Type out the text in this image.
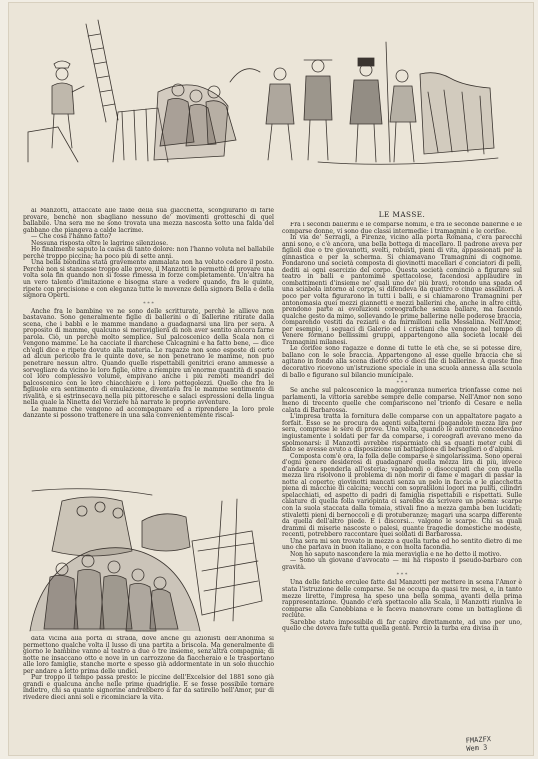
al Manzotti, attaccate alle falde della sua giacchetta, scongiurarlo di farle provare, benchè non sbagliano nessuno de' movimenti grotteschi di quel ballabile. Una sera me ne sono trovata una mezza nascosta sotto una falda del gabbano che piangeva a calde lacrime.

— Che cosa l'hanno fatto?

Nessuna risposta oltre le lagrime silenziose.

Ho finalmente saputo la causa di tanto dolore: non l'hanno voluta nel ballabile perchè troppo piccina; ha poco più di sette anni.

Una bella biondina stata gravemente ammalata non ha voluto cedere il posto. Perchè non si stancasse troppo alle prove, il Manzotti le permettè di provare una volta sola fin quando non si fosse rimessa in forze completamente. Un'altra ha un vero talento d'imitazione e bisogna stare a vedere quando, fra le quinte, ripete con precisione e con eleganza tutte le movenze della signora Bella e della signora Operti.

* * *

Anche fra le bambine ve ne sono delle scritturate, perchè le allieve non bastavano. Sono generalmente figlie di ballerini o di ballerine ritirate dalla scena, che i babbi e le mamme mandano a guadagnarsi una lira per sera. A proposito di mamme, qualcuno si meraviglierà di non aver sentito ancora farne parola. Ciò, un perchè molto semplice. Sul palcoscenico della Scala non ci vengono mamme. Le ha cacciate il marchese Calcagnini e ha fatto bene, — dice ch'egli dice e ripete dovuto alla materia. Le ragazze non sono esposte di certo ad alcun pericolo fra le quinte dove, se non penetrano le mamme, non può penetrare nessun altro. Quando quelle rispettabili genitrici erano ammesse a sorvegliare da vicino le loro figlie, oltre a riempire un'enorme quantità di spazio col loro complessivo volume, empivano anche i più remoti meandri del palcoscenico con le loro chiacchiere e i loro pettegolezzi. Quello che fra le figliuole era sentimento di emulazione, diventava fra le mamme sentimento di rivalità, e si estrinsecava nella più pittoresche e salaci espressioni della lingua nella quale la Ninetta del Verziere ha narrate le proprie avventure.

Le mamme che vengono ad accompagnare ed a riprendere la loro prole danzante si possono trattenere in una sala convenientemente riscal-

data vicina alla porta di strada, dove anche gli azionisti dell'Anonima si permettono qualche volta il lusso di una partita a briscola. Ma generalmente di giorno le bambine vanno al teatro a due o tre insieme, senz'altra compagnia; di notte ne insaccano otto e nove in un carrozzone da fiaccheraio e le trasportano alle loro famiglie, stanche morte e spesso già addormentate in un solo mucchio per andare a letto prima delle undici.

Pur troppo il tempo passa presto: le piccine dell'Excelsior del 1881 sono già grandi e qualcuna anche nelle prime quadriglie. E se fosse possibile tornare indietro, chi sa quante signorine andrebbero a far da satirello nell'Amor, pur di rivedere dieci anni soli e ricominciare la vita.

LE MASSE.

Fra i secondi ballerini e le comparse nomini, e fra le seconde ballerine e le comparse donne, vi sono due classi intermedie: i tramagnini e le corifee.

In via de' Serragli, a Firenze, vicino alla porta Romana, c'era parecchi anni sono, e c'è ancora, una bella bottega di macellaro. Il padrone aveva per figlioli due o tre giovanotti, svelti, robusti, pieni di vita, appassionati per la ginnastica e per la scherma. Si chiamavano Tramagnini di cognome. Fondarono una società composta di giovinotti macellari e conciatori di pelli, dediti ai ogni esercizio del corpo. Questa società cominciò a figurare sul teatro in balli e pantomime spettacolose, facendosi applaudire in combattimenti d'insieme ne' quali uno de' più bravi, rotondo una spada od una sciabola intorno al corpo, si difendeva da quattro o cinque assalitori. A poco per volta figurarono in tutti i balli, e si chiamarono Tramagnini per antonomasia quei mezzi giannetti e mezzi ballerini che, anche in altre città, prendono parte ai evoluzioni coreografiche senza ballare, ma facendo qualche gesto da mimo, sollevando le prime ballerine nelle poderose braccia, comparendo vestiti da reziarii e da mirmilloni nella Messalina. Nell'Amor, per esempio, i seguaci di Galerio ed i cristiani che vengono nel tempo di Venere formano bellissimi gruppi, appartengono alla società locale dei Tramagnini milanesi.

Le corifee sono ragazze e donne di tutte le età che, se si potesse dire, ballano con le sole braccia. Appartengono al esse quelle braccia che si agitano in fondo alla scena dietro otto o dieci file di ballerine. A queste fine decorativo ricevono un'istruzione speciale in una scuola annessa alla scuola di ballo e figurano sul bilancio municipale.

* * *

Se anche sul palcoscenico la maggioranza numerica trionfasse come nei parlamenti, la vittoria sarebbe sempre delle comparse. Nell'Amor non sono meno di trecento quelle che compariscono nel trionfo di Cesare e nella calata di Barbarossa.

L'impresa tratta la fornitura delle comparse con un appaltatore pagato a forfait. Esso se ne procura da agenti subalterni (pagandole mezza lira per sera, comprese le sere di prove. Una volta, quando le autorità concedevano ingiustamente i soldati per far da comparse, i coreografi avevano meno da spolmonarsi: il Manzotti avrebbe risparmiato chi sa quanti meter cubi di fiato se avesse avuto a disposizione un battaglione di bersaglieri o d'alpini.

Composta com'è ora, la folla delle comparse è singolarissima. Sono operai d'ogni genere desiderosi di guadagnare quella mezza lira di più, invece d'andare a spenderla all'osteria; vagabondi o disoccupati che con quella mezza lira risolvono il problema di non morir di fame e magari di passar la notte al coperto; giovinotti mancati senza un pelo in faccia e le giacchetta piena di macchie di calcina; vecchi con soprabiloni logori ma puliti, cilindri spelacchiati, ed aspetto di padri di famiglia rispettabili e rispettati. Sulle calature di quella folla variopinta ci sarebbe da scrivere un poema: scarpe con la suola staccata dalla tomaia, stivali fino a mezza gamba ben lucidati; stivaletti pieni di bernoccoli e di protuberanze; magari una scarpa differente da quella dell'altro piede. E i discorsi... valgono le scarpe. Chi sa quali drammi di miserie nascoste o palesi, quante tragedie domestiche modeste, recenti, potrebbero raccontare quei soldati di Barbarossa.

Una sera mi son trovato in mezzo a quella turba ed ho sentito dietro di me uno che parlava in buon italiano, e con molta facondia.

Non ho saputo nascondere la mia meraviglia e ne ho detto il motivo.

— Sono un giovane d'avvocato — mi ha risposto il pseudo-barbaro con gravità.

* * *

Una delle fatiche erculee fatte dal Manzotti per mettere in scena l'Amor è stata l'istruzione delle comparse. Se ne occupa da quasi tre mesi, e, in tanto mezze lirette, l'impresa ha speso una bella somma, avanti della prima rappresentazione. Quando c'era spettacolo alla Scala, il Manzotti riuniva le comparse alla Canobbiana e le faceva manovrare come un battaglione di reclute.

Sarebbe stato impossibile di far capire direttamente, ad uno per uno, quello che doveva fare tutta quella gente. Perciò la turba era divisa in

FMAZFX
Wem 3
